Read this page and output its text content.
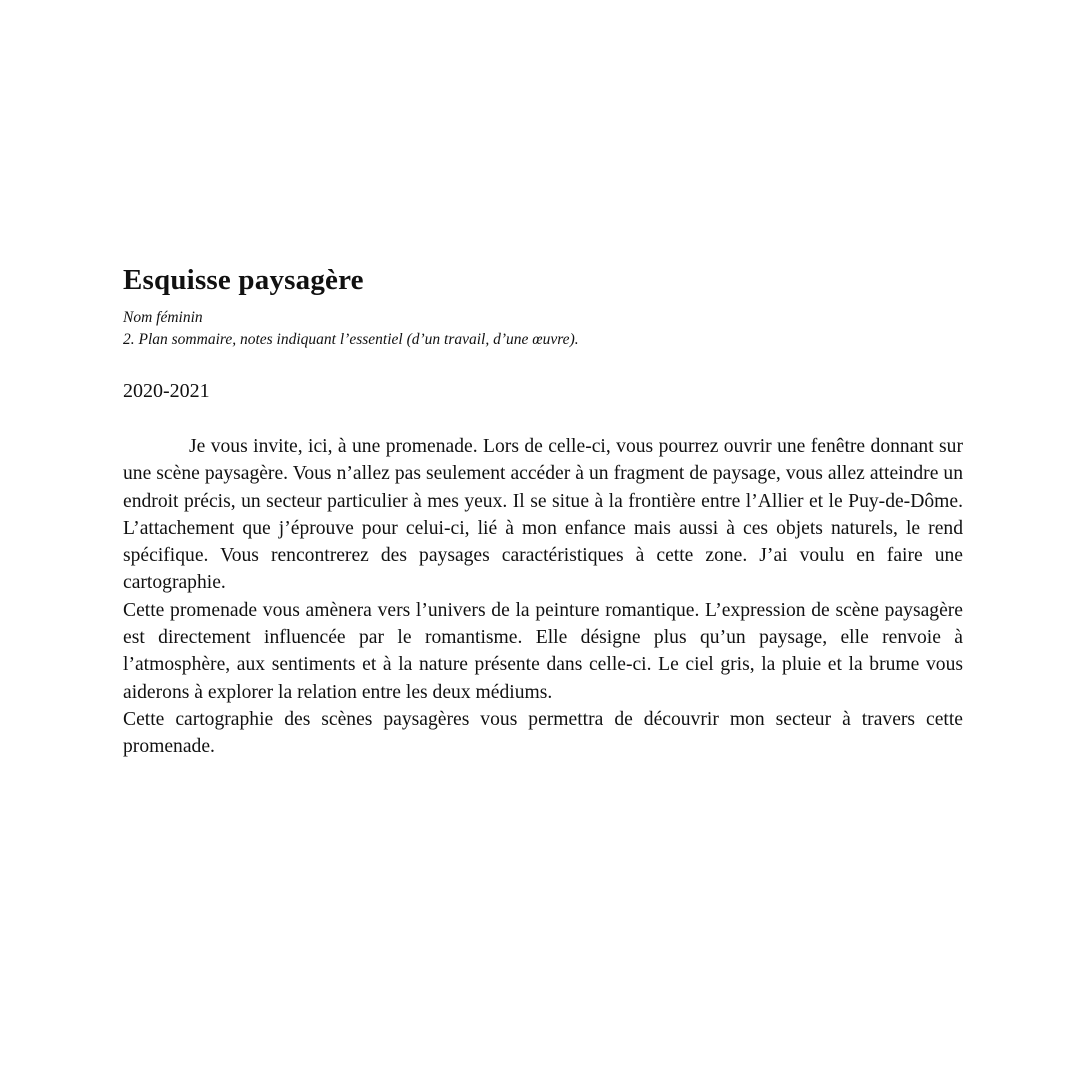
Esquisse paysagère
Nom féminin
2. Plan sommaire, notes indiquant l’essentiel (d’un travail, d’une œuvre).
2020-2021

Je vous invite, ici, à une promenade. Lors de celle-ci, vous pourrez ouvrir une fenêtre donnant sur une scène paysagère. Vous n’allez pas seulement accéder à un fragment de paysage, vous allez atteindre un endroit précis, un secteur particulier à mes yeux. Il se situe à la frontière entre l’Allier et le Puy-de-Dôme. L’attachement que j’éprouve pour celui-ci, lié à mon enfance mais aussi à ces objets naturels, le rend spécifique. Vous rencontrerez des paysages caractéristiques à cette zone. J’ai voulu en faire une cartographie.

Cette promenade vous amènera vers l’univers de la peinture romantique. L’expression de scène paysagère est directement influencée par le romantisme. Elle désigne plus qu’un paysage, elle renvoie à l’atmosphère, aux sentiments et à la nature présente dans celle-ci. Le ciel gris, la pluie et la brume vous aiderons à explorer la relation entre les deux médiums.

Cette cartographie des scènes paysagères vous permettra de découvrir mon secteur à travers cette promenade.
